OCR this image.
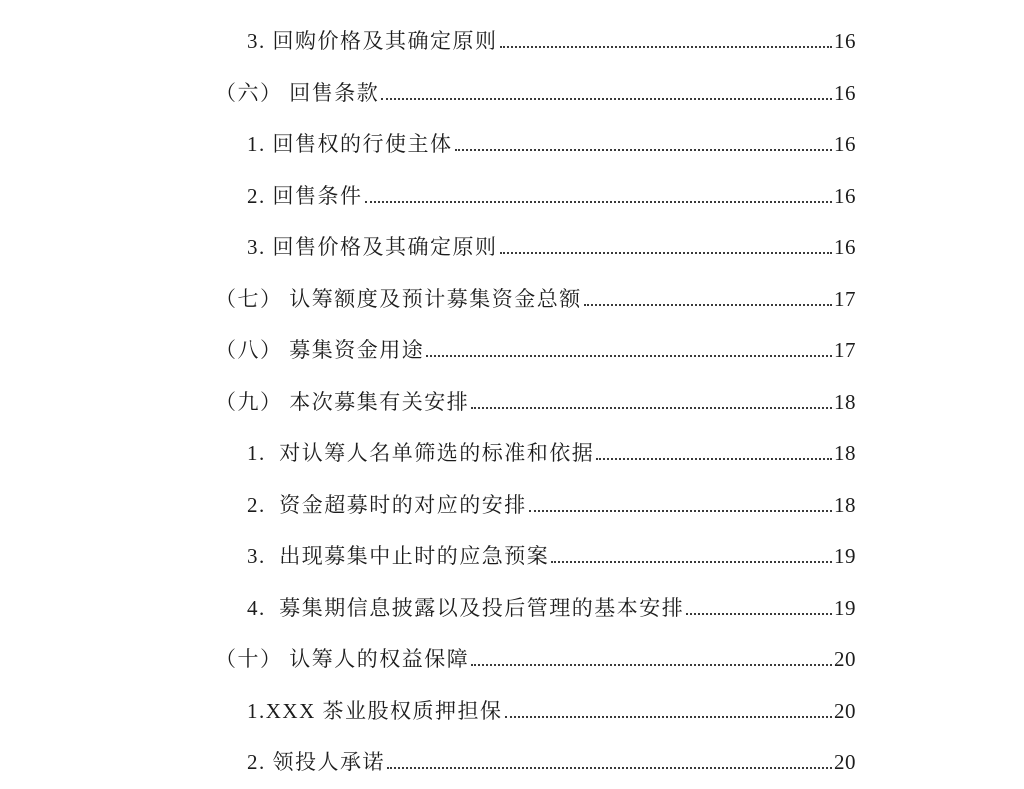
3. 回购价格及其确定原则	16
（六） 回售条款	16
1. 回售权的行使主体	16
2. 回售条件	16
3. 回售价格及其确定原则	16
（七） 认筹额度及预计募集资金总额	17
（八） 募集资金用途	17
（九） 本次募集有关安排	18
1.  对认筹人名单筛选的标准和依据	18
2.  资金超募时的对应的安排	18
3.  出现募集中止时的应急预案	19
4.  募集期信息披露以及投后管理的基本安排	19
（十） 认筹人的权益保障	20
1.XXX 茶业股权质押担保	20
2. 领投人承诺	20
